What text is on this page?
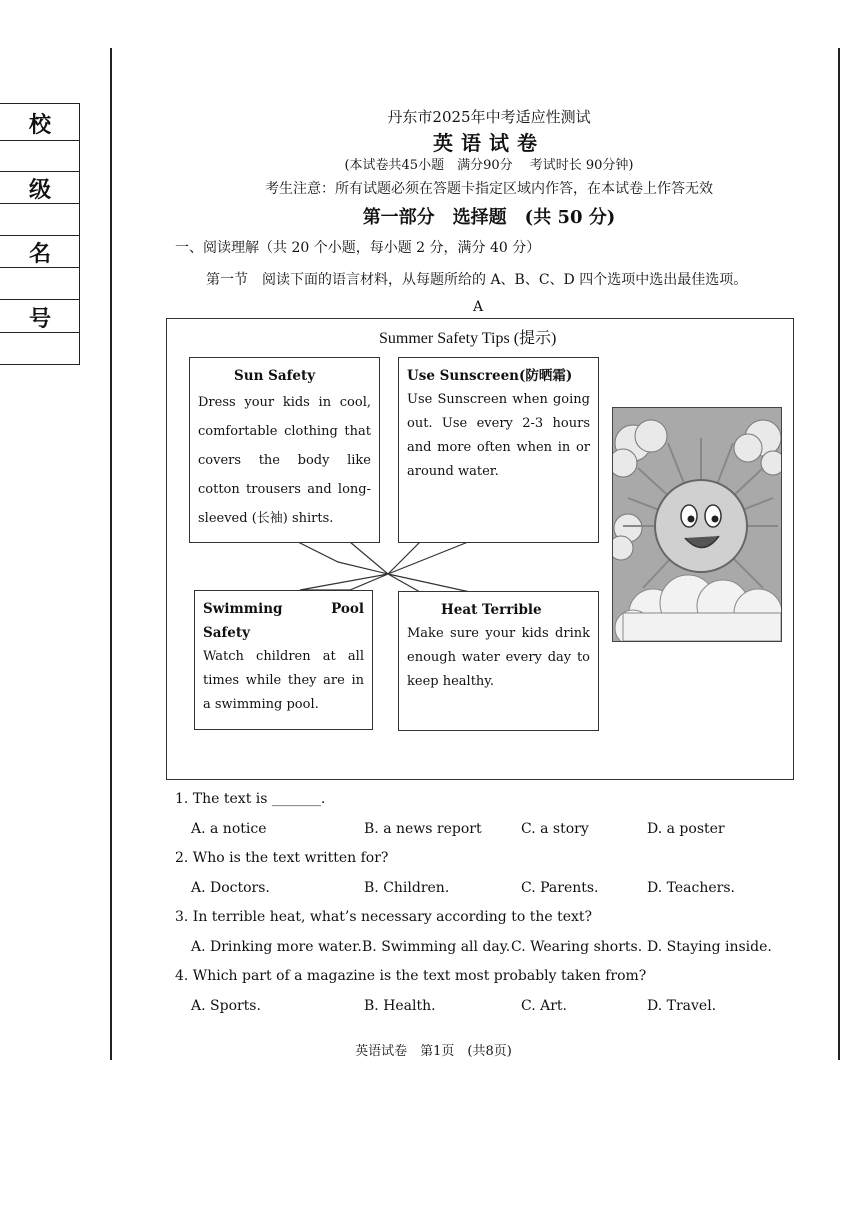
校
级
名
号
丹东市2025年中考适应性测试
英语试卷
(本试卷共45小题　满分90分　 考试时长 90分钟)
考生注意：所有试题必须在答题卡指定区域内作答，在本试卷上作答无效
第一部分　选择题　(共 50 分)
一、阅读理解（共 20 个小题，每小题 2 分，满分 40 分）
第一节　阅读下面的语言材料，从每题所给的 A、B、C、D 四个选项中选出最佳选项。
A
Summer Safety Tips (提示)
Sun Safety
Dress your kids in cool, comfortable clothing that covers the body like cotton trousers and long-sleeved (长袖) shirts.
Use Sunscreen(防晒霜)
Use Sunscreen when going out. Use every 2-3 hours and more often when in or around water.
Swimming Pool Safety
Watch children at all times while they are in a swimming pool.
Heat Terrible
Make sure your kids drink enough water every day to keep healthy.
1. The text is _______.
A. a notice	B. a news report	C. a story	D. a poster
2. Who is the text written for?
A. Doctors.	B. Children.	C. Parents.	D. Teachers.
3. In terrible heat, what’s necessary according to the text?
A. Drinking more water. B. Swimming all day. C. Wearing shorts. D. Staying inside.
4. Which part of a magazine is the text most probably taken from?
A. Sports.	B. Health.	C. Art.	D. Travel.
英语试卷　第1页　(共8页)
